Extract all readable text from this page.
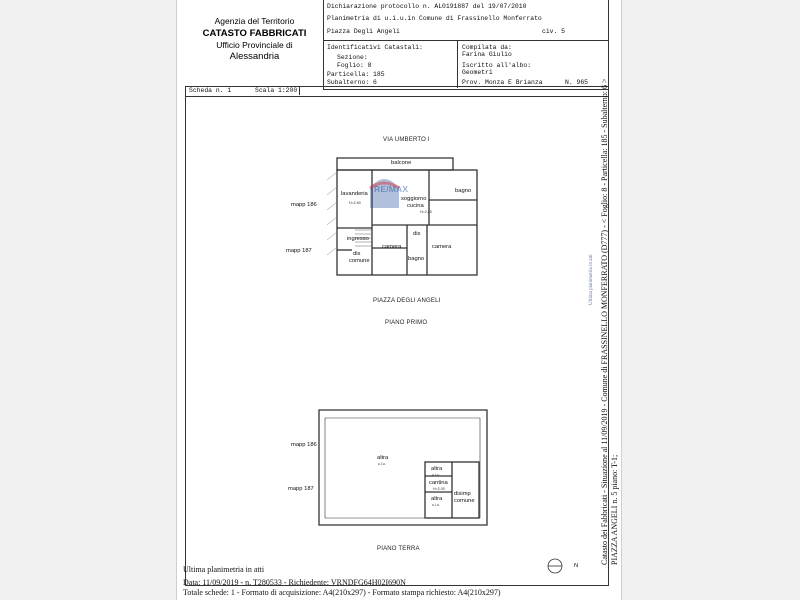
Agenzia del Territorio
CATASTO FABBRICATI
Ufficio Provinciale di
Alessandria
Dichiarazione protocollo n. AL0191887 del 19/07/2010
Planimetria di u.i.u.in Comune di Frassinello Monferrato
Piazza Degli Angeli	civ. 5
Identificativi Catastali:
Sezione:
Foglio: 8
Particella: 185
Subalterno: 6
Compilata da:
Farina Giulio
Iscritto all'albo:
Geometri
Prov. Monza E Brianza	N. 965
Scheda n. 1	Scala 1:200
VIA UMBERTO I
balcone
lavanderia
H=2.60
RE/MAX
soggiorno
cucina
H=2.85
bagno
dis
ingresso
camera	camera
bagno
dis
comune
mapp 186
mapp 187
PIAZZA DEGLI ANGELI
PIANO PRIMO
mapp 186
mapp 187
altra
u.i.u.
altra
u.i.u.
cantina
H=2.00
disimp
comune
altra
u.i.u.
PIANO TERRA
N
Catasto dei Fabbricati - Situazione al 11/09/2019 - Comune di FRASSINELLO MONFERRATO (D777) - < Foglio: 8 - Particella: 185 - Subalterno: 6 > PIAZZA ANGELI n. 5 piano: T-1;
Ultima planimetria in atti
Ultima planimetria in atti
Data: 11/09/2019 - n. T280533 - Richiedente: VRNDFG64H02I690N
Totale schede: 1 - Formato di acquisizione: A4(210x297) - Formato stampa richiesto: A4(210x297)
